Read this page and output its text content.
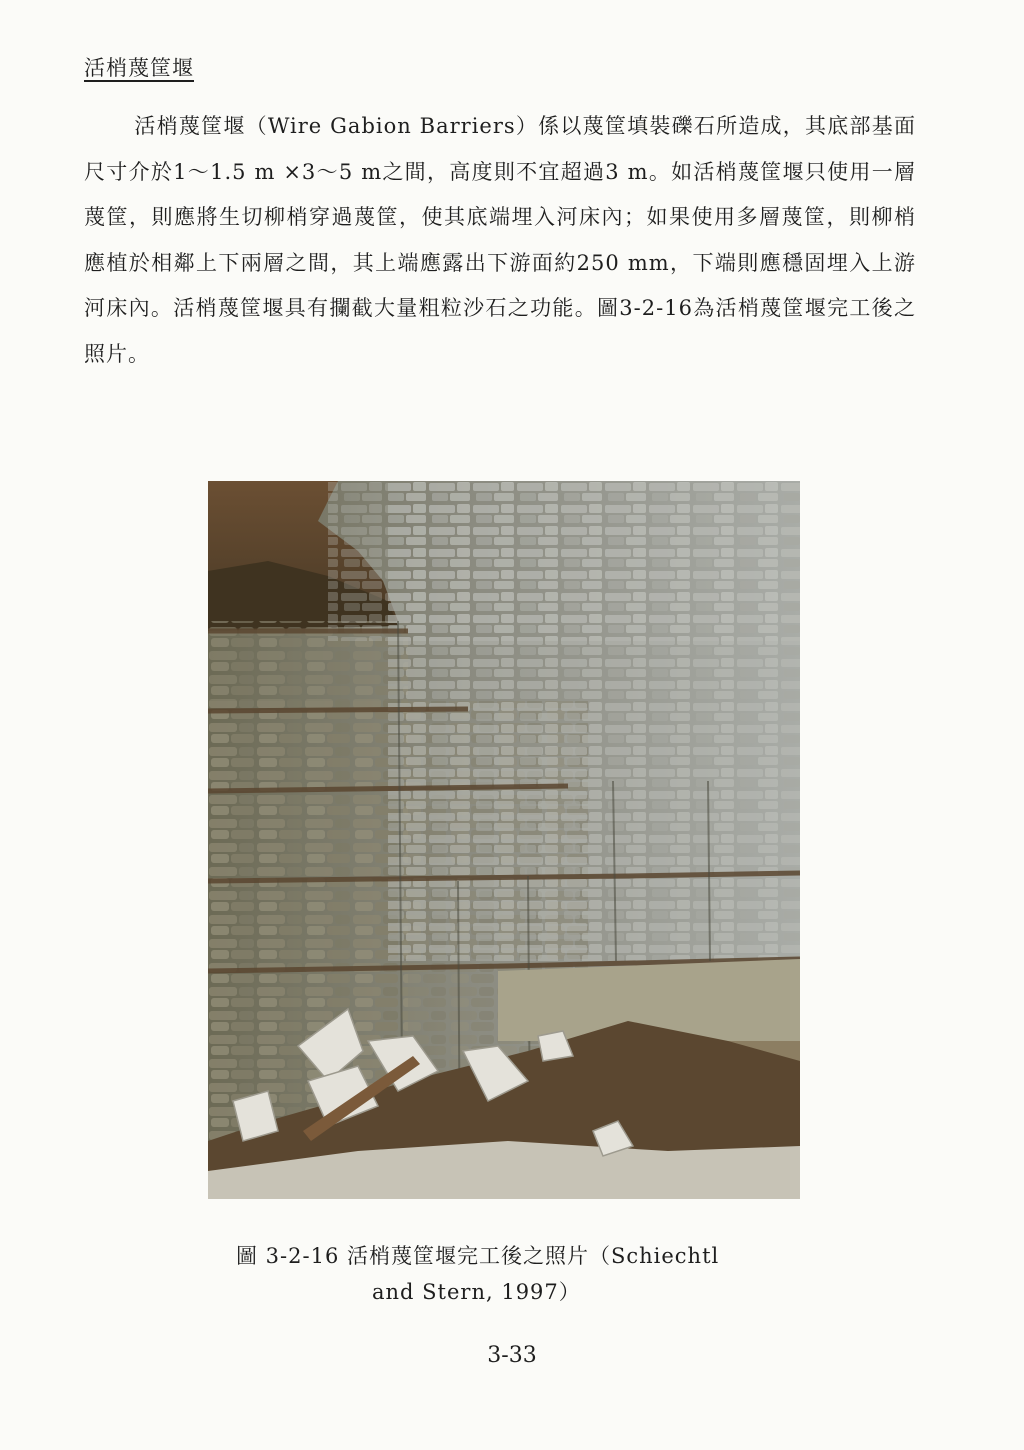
活梢蔑筐堰

活梢蔑筐堰（Wire Gabion Barriers）係以蔑筐填裝礫石所造成，其底部基面尺寸介於1～1.5 m ×3～5 m之間，高度則不宜超過3 m。如活梢蔑筐堰只使用一層蔑筐，則應將生切柳梢穿過蔑筐，使其底端埋入河床內；如果使用多層蔑筐，則柳梢應植於相鄰上下兩層之間，其上端應露出下游面約250 mm，下端則應穩固埋入上游河床內。活梢蔑筐堰具有攔截大量粗粒沙石之功能。圖3-2-16為活梢蔑筐堰完工後之照片。

圖 3-2-16 活梢蔑筐堰完工後之照片（Schiechtl
and Stern, 1997）
3-33
